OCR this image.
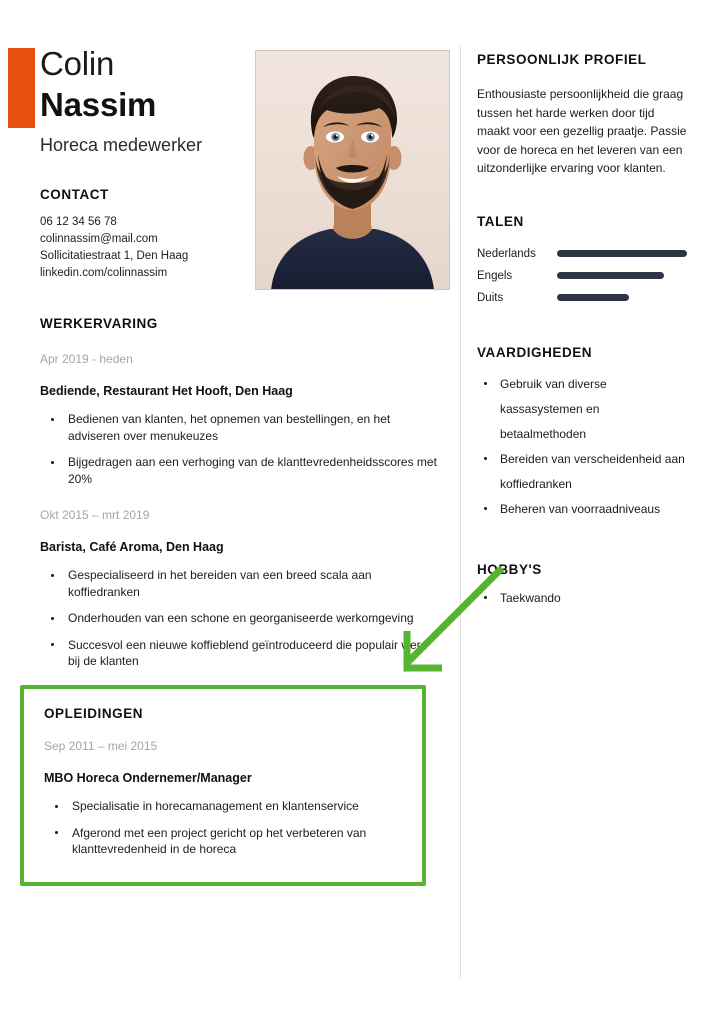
Colin
Nassim
Horeca medewerker
CONTACT
06 12 34 56 78
colinnassim@mail.com
Sollicitatiestraat 1, Den Haag
linkedin.com/colinnassim
WERKERVARING
Apr 2019 - heden
Bediende, Restaurant Het Hooft, Den Haag
Bedienen van klanten, het opnemen van bestellingen, en het adviseren over menukeuzes
Bijgedragen aan een verhoging van de klanttevredenheidsscores met 20%
Okt 2015 – mrt 2019
Barista, Café Aroma, Den Haag
Gespecialiseerd in het bereiden van een breed scala aan koffiedranken
Onderhouden van een schone en georganiseerde werkomgeving
Succesvol een nieuwe koffieblend geïntroduceerd die populair werd bij de klanten
OPLEIDINGEN
Sep 2011 – mei 2015
MBO Horeca Ondernemer/Manager
Specialisatie in horecamanagement en klantenservice
Afgerond met een project gericht op het verbeteren van klanttevredenheid in de horeca
PERSOONLIJK PROFIEL
Enthousiaste persoonlijkheid die graag tussen het harde werken door tijd maakt voor een gezellig praatje. Passie voor de horeca en het leveren van een uitzonderlijke ervaring voor klanten.
TALEN
Nederlands
Engels
Duits
VAARDIGHEDEN
Gebruik van diverse kassasystemen en betaalmethoden
Bereiden van verscheidenheid aan koffiedranken
Beheren van voorraadniveaus
HOBBY'S
Taekwando
